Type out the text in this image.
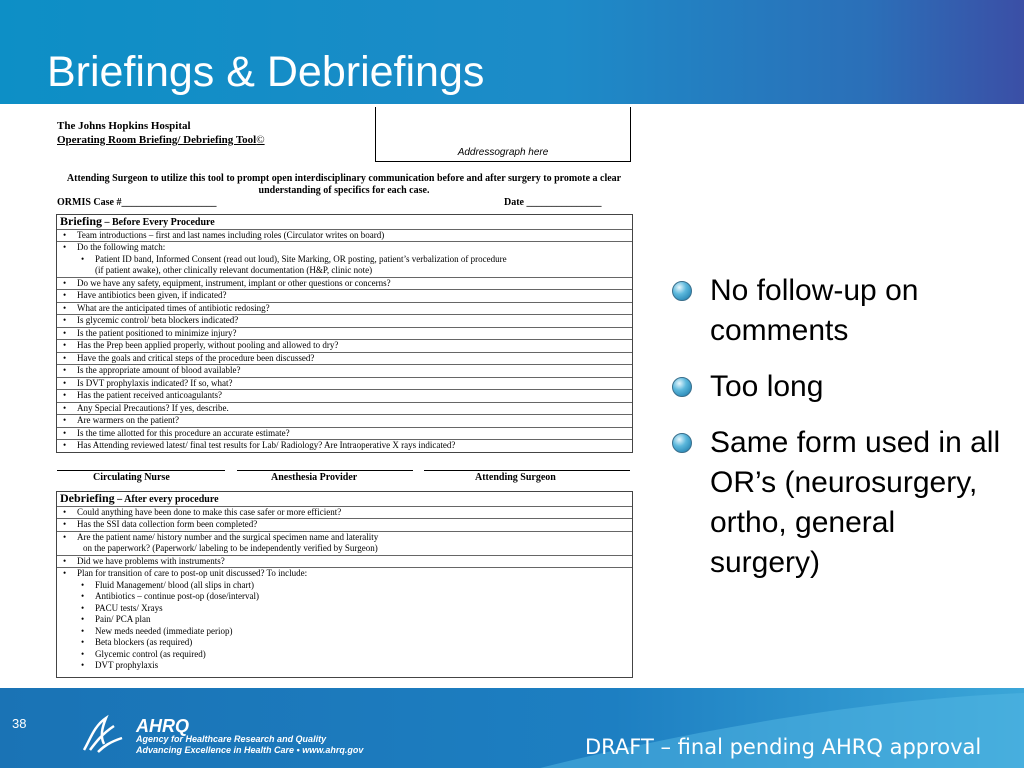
Briefings & Debriefings
The Johns Hopkins Hospital
Operating Room Briefing/ Debriefing Tool©
Addressograph here
Attending Surgeon to utilize this tool to prompt open interdisciplinary communication before and after surgery to promote a clear understanding of specifics for each case.
ORMIS Case #___________________	Date _______________
Briefing – Before Every Procedure
• Team introductions – first and last names including roles (Circulator writes on board)
• Do the following match:
• Patient ID band, Informed Consent (read out loud), Site Marking, OR posting, patient’s verbalization of procedure
(if patient awake), other clinically relevant documentation (H&P, clinic note)
• Do we have any safety, equipment, instrument, implant or other questions or concerns?
• Have antibiotics been given, if indicated?
• What are the anticipated times of antibiotic redosing?
• Is glycemic control/ beta blockers indicated?
• Is the patient positioned to minimize injury?
• Has the Prep been applied properly, without pooling and allowed to dry?
• Have the goals and critical steps of the procedure been discussed?
• Is the appropriate amount of blood available?
• Is DVT prophylaxis indicated? If so, what?
• Has the patient received anticoagulants?
• Any Special Precautions? If yes, describe.
• Are warmers on the patient?
• Is the time allotted for this procedure an accurate estimate?
• Has Attending reviewed latest/ final test results for Lab/ Radiology? Are Intraoperative X rays indicated?
Circulating Nurse	Anesthesia Provider	Attending Surgeon
Debriefing – After every procedure
• Could anything have been done to make this case safer or more efficient?
• Has the SSI data collection form been completed?
• Are the patient name/ history number and the surgical specimen name and laterality
on the paperwork? (Paperwork/ labeling to be independently verified by Surgeon)
• Did we have problems with instruments?
• Plan for transition of care to post-op unit discussed? To include:
• Fluid Management/ blood (all slips in chart)
• Antibiotics – continue post-op (dose/interval)
• PACU tests/ Xrays
• Pain/ PCA plan
• New meds needed (immediate periop)
• Beta blockers (as required)
• Glycemic control (as required)
• DVT prophylaxis
No follow-up on comments
Too long
Same form used in all OR’s (neurosurgery, ortho, general surgery)
38	AHRQ
Agency for Healthcare Research and Quality
Advancing Excellence in Health Care • www.ahrq.gov	DRAFT – final pending AHRQ approval
